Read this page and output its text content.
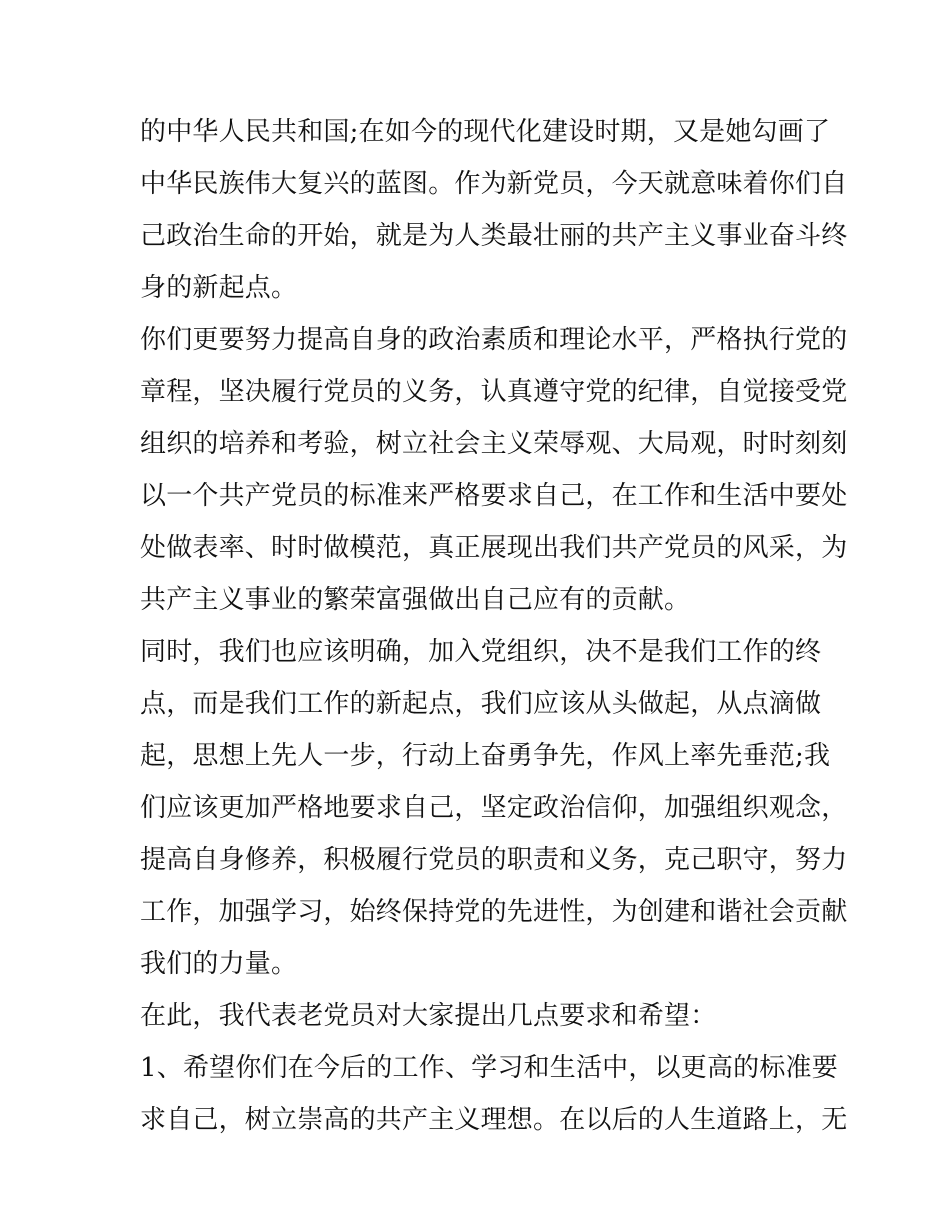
的中华人民共和国;在如今的现代化建设时期，又是她勾画了
中华民族伟大复兴的蓝图。作为新党员，今天就意味着你们自
己政治生命的开始，就是为人类最壮丽的共产主义事业奋斗终
身的新起点。
你们更要努力提高自身的政治素质和理论水平，严格执行党的
章程，坚决履行党员的义务，认真遵守党的纪律，自觉接受党
组织的培养和考验，树立社会主义荣辱观、大局观，时时刻刻
以一个共产党员的标准来严格要求自己，在工作和生活中要处
处做表率、时时做模范，真正展现出我们共产党员的风采，为
共产主义事业的繁荣富强做出自己应有的贡献。
同时，我们也应该明确，加入党组织，决不是我们工作的终
点，而是我们工作的新起点，我们应该从头做起，从点滴做
起，思想上先人一步，行动上奋勇争先，作风上率先垂范;我
们应该更加严格地要求自己，坚定政治信仰，加强组织观念，
提高自身修养，积极履行党员的职责和义务，克己职守，努力
工作，加强学习，始终保持党的先进性，为创建和谐社会贡献
我们的力量。
在此，我代表老党员对大家提出几点要求和希望：
1、希望你们在今后的工作、学习和生活中，以更高的标准要
求自己，树立崇高的共产主义理想。在以后的人生道路上，无
